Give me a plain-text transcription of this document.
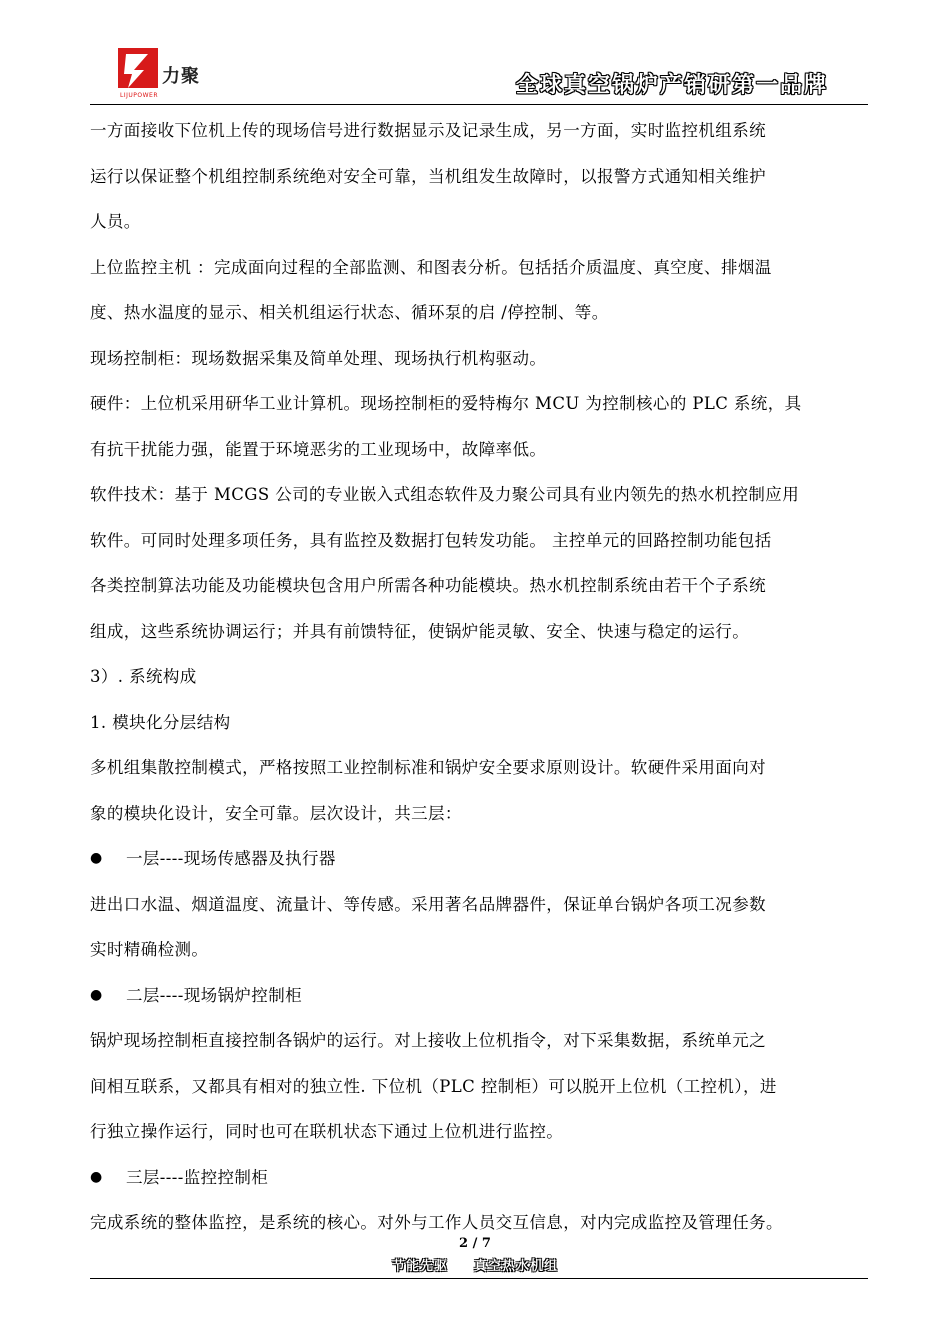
力聚
LIJUPOWER	全球真空锅炉产销研第一品牌
一方面接收下位机上传的现场信号进行数据显示及记录生成，另一方面，实时监控机组系统
运行以保证整个机组控制系统绝对安全可靠，当机组发生故障时，以报警方式通知相关维护
人员。
上位监控主机 ：完成面向过程的全部监测、和图表分析。包括括介质温度、真空度、排烟温
度、热水温度的显示、相关机组运行状态、循环泵的启 /停控制、等。
现场控制柜：现场数据采集及简单处理、现场执行机构驱动。
硬件：上位机采用研华工业计算机。现场控制柜的爱特梅尔 MCU 为控制核心的 PLC 系统，具
有抗干扰能力强，能置于环境恶劣的工业现场中，故障率低。
软件技术：基于 MCGS 公司的专业嵌入式组态软件及力聚公司具有业内领先的热水机控制应用
软件。可同时处理多项任务，具有监控及数据打包转发功能。 主控单元的回路控制功能包括
各类控制算法功能及功能模块包含用户所需各种功能模块。热水机控制系统由若干个子系统
组成，这些系统协调运行；并具有前馈特征，使锅炉能灵敏、安全、快速与稳定的运行。
3）. 系统构成
1. 模块化分层结构
多机组集散控制模式，严格按照工业控制标准和锅炉安全要求原则设计。软硬件采用面向对
象的模块化设计，安全可靠。层次设计，共三层：
●	一层----现场传感器及执行器
进出口水温、烟道温度、流量计、等传感。采用著名品牌器件，保证单台锅炉各项工况参数
实时精确检测。
●	二层----现场锅炉控制柜
锅炉现场控制柜直接控制各锅炉的运行。对上接收上位机指令，对下采集数据，系统单元之
间相互联系，又都具有相对的独立性. 下位机（PLC 控制柜）可以脱开上位机（工控机），进
行独立操作运行，同时也可在联机状态下通过上位机进行监控。
●	三层----监控控制柜
完成系统的整体监控，是系统的核心。对外与工作人员交互信息，对内完成监控及管理任务。
2 / 7
节能先驱 真空热水机组
